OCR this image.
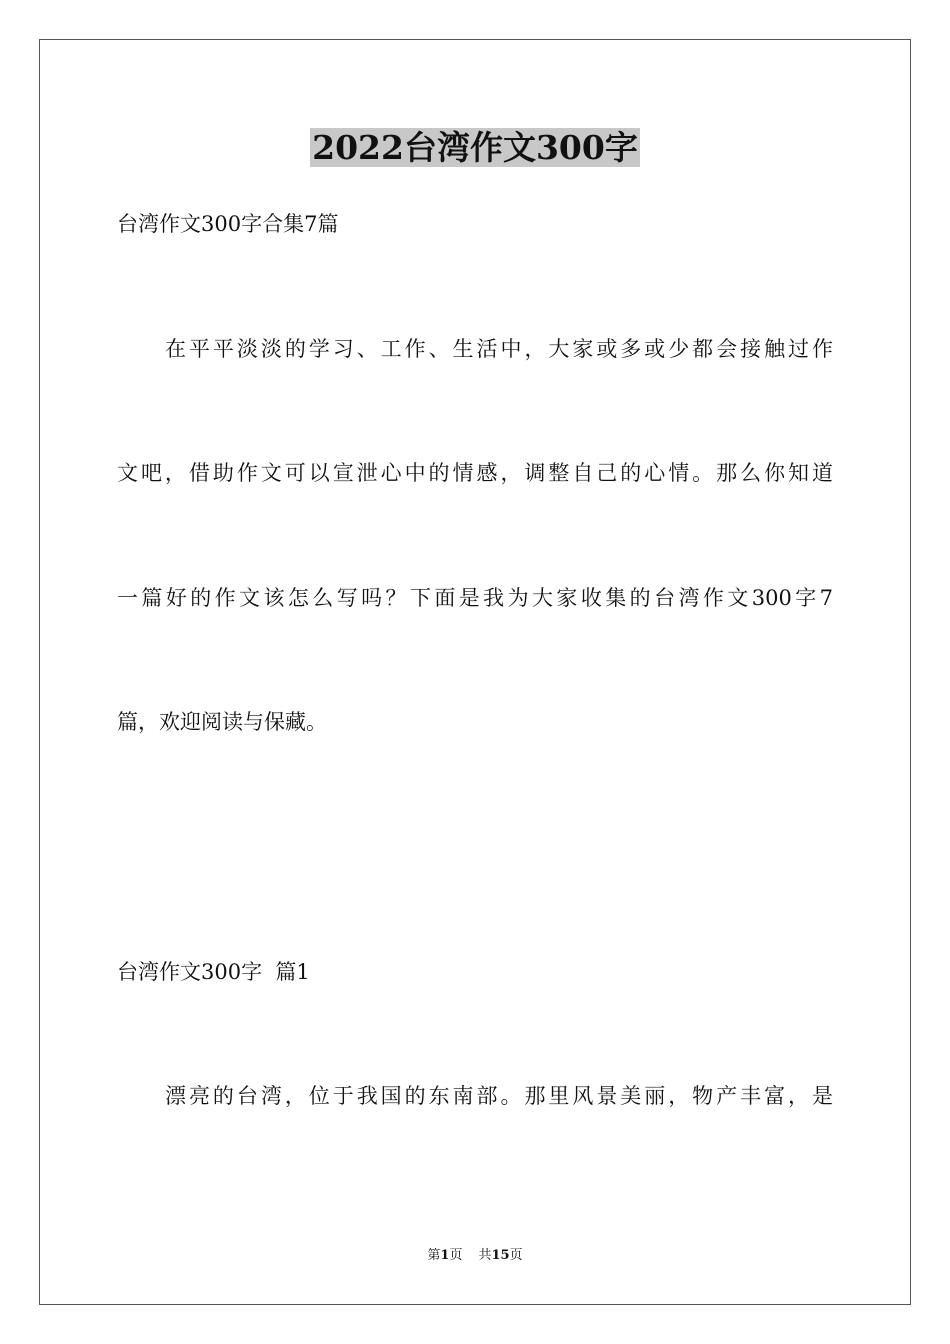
2022台湾作文300字
台湾作文300字合集7篇
在平平淡淡的学习、工作、生活中，大家或多或少都会接触过作
文吧，借助作文可以宣泄心中的情感，调整自己的心情。那么你知道
一篇好的作文该怎么写吗？下面是我为大家收集的台湾作文300字7
篇，欢迎阅读与保藏。
台湾作文300字  篇1
漂亮的台湾，位于我国的东南部。那里风景美丽，物产丰富，是
第1页 共15页
